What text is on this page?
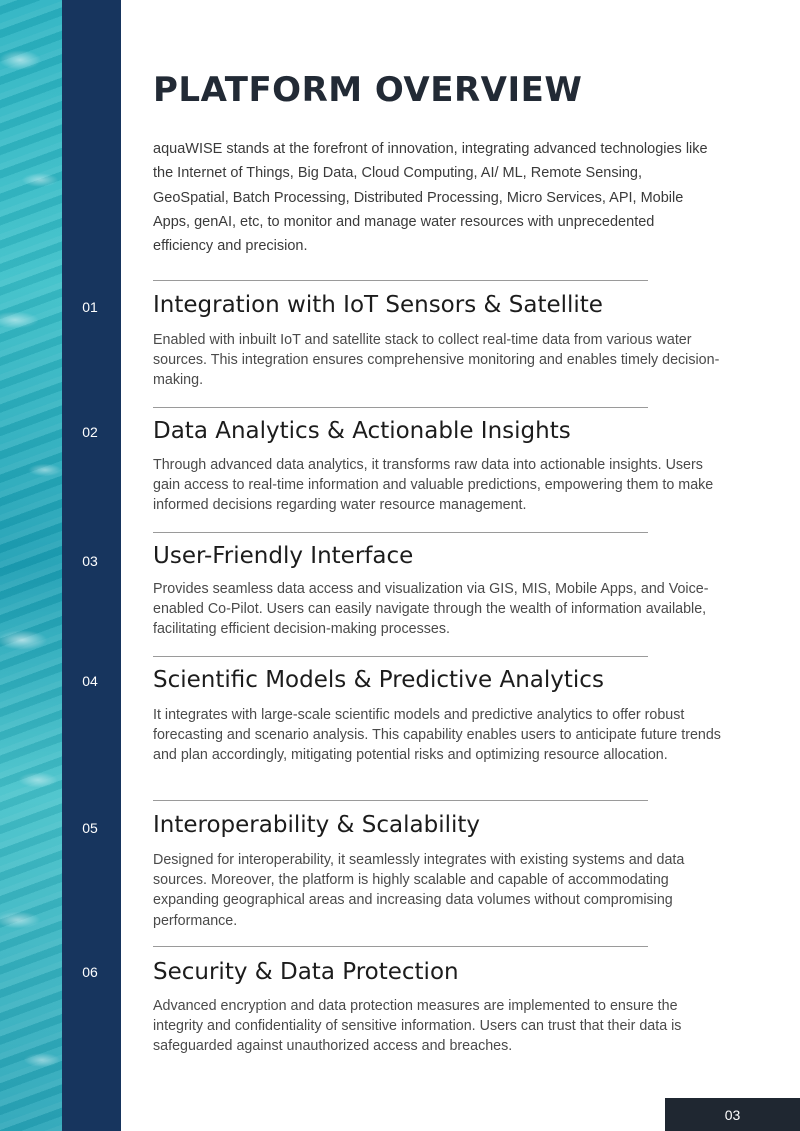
PLATFORM OVERVIEW

aquaWISE stands at the forefront of innovation, integrating advanced technologies like the Internet of Things, Big Data, Cloud Computing, AI/ ML, Remote Sensing, GeoSpatial, Batch Processing, Distributed Processing, Micro Services, API, Mobile Apps, genAI, etc, to monitor and manage water resources with unprecedented efficiency and precision.

01	Integration with IoT Sensors & Satellite

Enabled with inbuilt IoT and satellite stack to collect real-time data from various water sources. This integration ensures comprehensive monitoring and enables timely decision-making.

02	Data Analytics & Actionable Insights

Through advanced data analytics, it transforms raw data into actionable insights. Users gain access to real-time information and valuable predictions, empowering them to make informed decisions regarding water resource management.

03	User-Friendly Interface

Provides seamless data access and visualization via GIS, MIS, Mobile Apps, and Voice-enabled Co-Pilot. Users can easily navigate through the wealth of information available, facilitating efficient decision-making processes.

04	Scientific Models & Predictive Analytics

It integrates with large-scale scientific models and predictive analytics to offer robust forecasting and scenario analysis. This capability enables users to anticipate future trends and plan accordingly, mitigating potential risks and optimizing resource allocation.

05	Interoperability & Scalability

Designed for interoperability, it seamlessly integrates with existing systems and data sources. Moreover, the platform is highly scalable and capable of accommodating expanding geographical areas and increasing data volumes without compromising performance.

06	Security & Data Protection

Advanced encryption and data protection measures are implemented to ensure the integrity and confidentiality of sensitive information. Users can trust that their data is safeguarded against unauthorized access and breaches.

03
